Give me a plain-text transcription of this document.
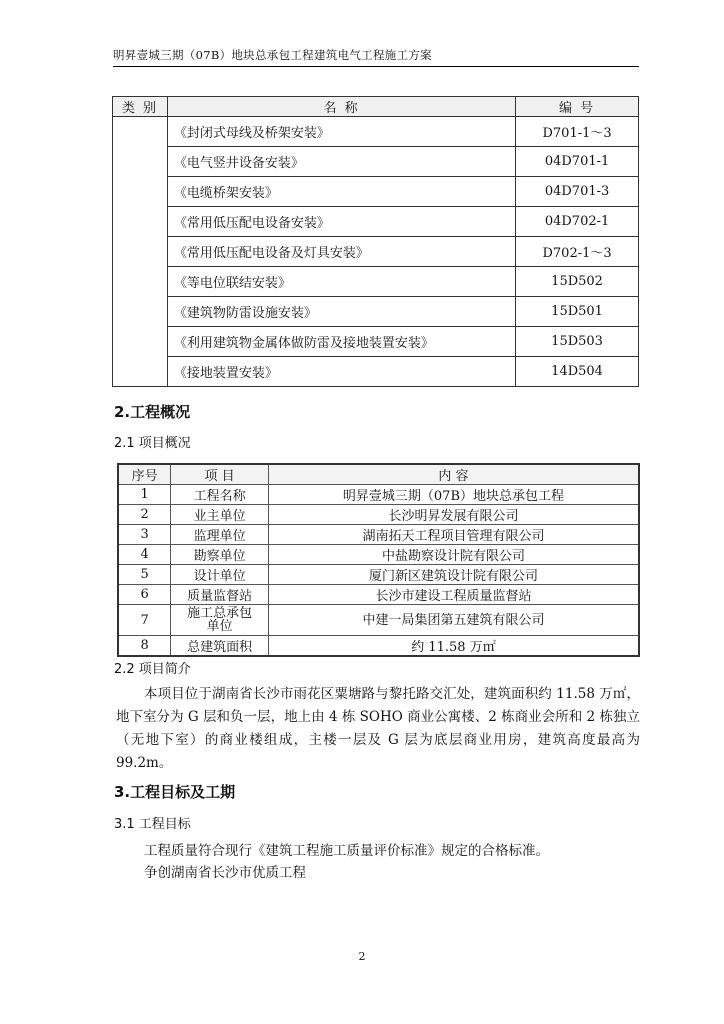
明昇壹城三期（07B）地块总承包工程建筑电气工程施工方案
类 别	名 称	编 号
	《封闭式母线及桥架安装》	D701-1～3
	《电气竖井设备安装》	04D701-1
	《电缆桥架安装》	04D701-3
	《常用低压配电设备安装》	04D702-1
	《常用低压配电设备及灯具安装》	D702-1～3
	《等电位联结安装》	15D502
	《建筑物防雷设施安装》	15D501
	《利用建筑物金属体做防雷及接地装置安装》	15D503
	《接地装置安装》	14D504
2.工程概况
2.1 项目概况
序号	项 目	内 容
1	工程名称	明昇壹城三期（07B）地块总承包工程
2	业主单位	长沙明昇发展有限公司
3	监理单位	湖南拓天工程项目管理有限公司
4	勘察单位	中盐勘察设计院有限公司
5	设计单位	厦门新区建筑设计院有限公司
6	质量监督站	长沙市建设工程质量监督站
7	施工总承包
单位	中建一局集团第五建筑有限公司
8	总建筑面积	约 11.58 万㎡
2.2 项目简介
本项目位于湖南省长沙市雨花区粟塘路与黎托路交汇处，建筑面积约 11.58 万㎡，地下室分为 G 层和负一层，地上由 4 栋 SOHO 商业公寓楼、2 栋商业会所和 2 栋独立（无地下室）的商业楼组成，主楼一层及 G 层为底层商业用房，建筑高度最高为 99.2m。
3.工程目标及工期
3.1 工程目标
工程质量符合现行《建筑工程施工质量评价标准》规定的合格标准。
争创湖南省长沙市优质工程
2
